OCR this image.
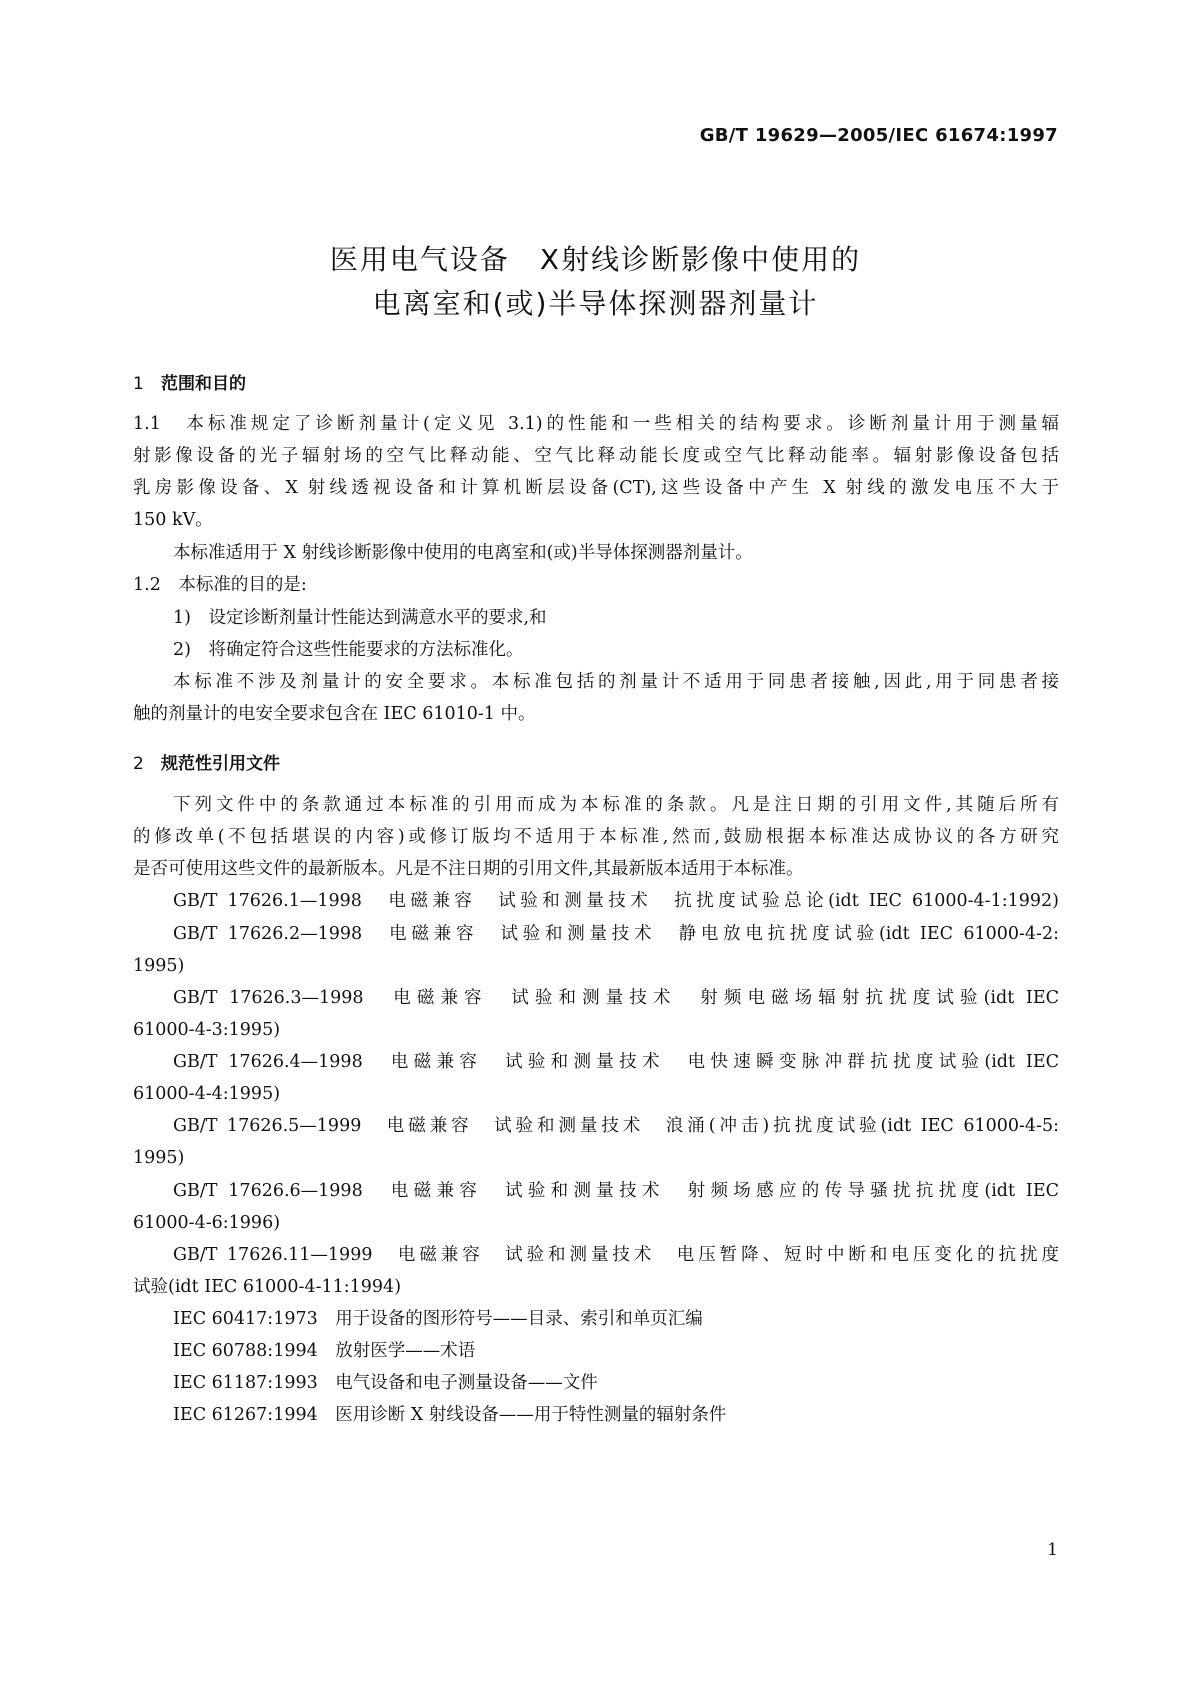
GB/T 19629—2005/IEC 61674:1997
医用电气设备　X射线诊断影像中使用的
电离室和(或)半导体探测器剂量计
1 范围和目的
1.1　本标准规定了诊断剂量计(定义见 3.1)的性能和一些相关的结构要求。诊断剂量计用于测量辐
射影像设备的光子辐射场的空气比释动能、空气比释动能长度或空气比释动能率。辐射影像设备包括
乳房影像设备、X 射线透视设备和计算机断层设备(CT),这些设备中产生 X 射线的激发电压不大于
150 kV。
本标准适用于 X 射线诊断影像中使用的电离室和(或)半导体探测器剂量计。
1.2　本标准的目的是:
1)　设定诊断剂量计性能达到满意水平的要求,和
2)　将确定符合这些性能要求的方法标准化。
本标准不涉及剂量计的安全要求。本标准包括的剂量计不适用于同患者接触,因此,用于同患者接
触的剂量计的电安全要求包含在 IEC 61010-1 中。
2 规范性引用文件
下列文件中的条款通过本标准的引用而成为本标准的条款。凡是注日期的引用文件,其随后所有
的修改单(不包括堪误的内容)或修订版均不适用于本标准,然而,鼓励根据本标准达成协议的各方研究
是否可使用这些文件的最新版本。凡是不注日期的引用文件,其最新版本适用于本标准。
GB/T 17626.1—1998　电磁兼容　试验和测量技术　抗扰度试验总论(idt IEC 61000-4-1:1992)
GB/T 17626.2—1998　电磁兼容　试验和测量技术　静电放电抗扰度试验(idt IEC 61000-4-2:
1995)
GB/T 17626.3—1998　电磁兼容　试验和测量技术　射频电磁场辐射抗扰度试验(idt IEC
61000-4-3:1995)
GB/T 17626.4—1998　电磁兼容　试验和测量技术　电快速瞬变脉冲群抗扰度试验(idt IEC
61000-4-4:1995)
GB/T 17626.5—1999　电磁兼容　试验和测量技术　浪涌(冲击)抗扰度试验(idt IEC 61000-4-5:
1995)
GB/T 17626.6—1998　电磁兼容　试验和测量技术　射频场感应的传导骚扰抗扰度(idt IEC
61000-4-6:1996)
GB/T 17626.11—1999　电磁兼容　试验和测量技术　电压暂降、短时中断和电压变化的抗扰度
试验(idt IEC 61000-4-11:1994)
IEC 60417:1973　用于设备的图形符号——目录、索引和单页汇编
IEC 60788:1994　放射医学——术语
IEC 61187:1993　电气设备和电子测量设备——文件
IEC 61267:1994　医用诊断 X 射线设备——用于特性测量的辐射条件
1
